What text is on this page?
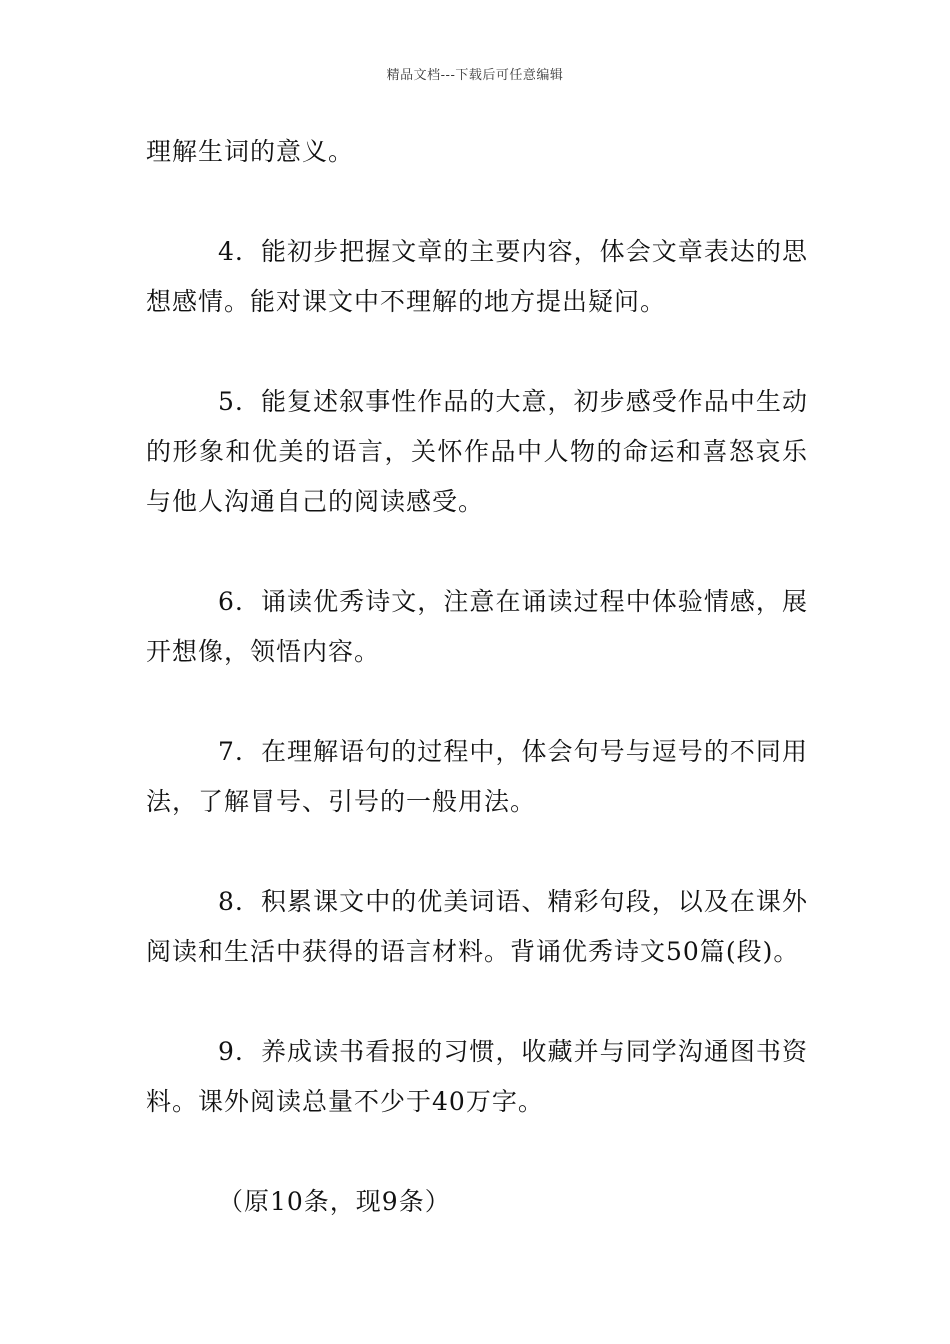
精品文档---下载后可任意编辑

理解生词的意义。

4．能初步把握文章的主要内容，体会文章表达的思想感情。能对课文中不理解的地方提出疑问。

5．能复述叙事性作品的大意，初步感受作品中生动的形象和优美的语言，关怀作品中人物的命运和喜怒哀乐与他人沟通自己的阅读感受。

6．诵读优秀诗文，注意在诵读过程中体验情感，展开想像，领悟内容。

7．在理解语句的过程中，体会句号与逗号的不同用法，了解冒号、引号的一般用法。

8．积累课文中的优美词语、精彩句段，以及在课外阅读和生活中获得的语言材料。背诵优秀诗文50篇(段)。

9．养成读书看报的习惯，收藏并与同学沟通图书资料。课外阅读总量不少于40万字。

（原10条，现9条）
